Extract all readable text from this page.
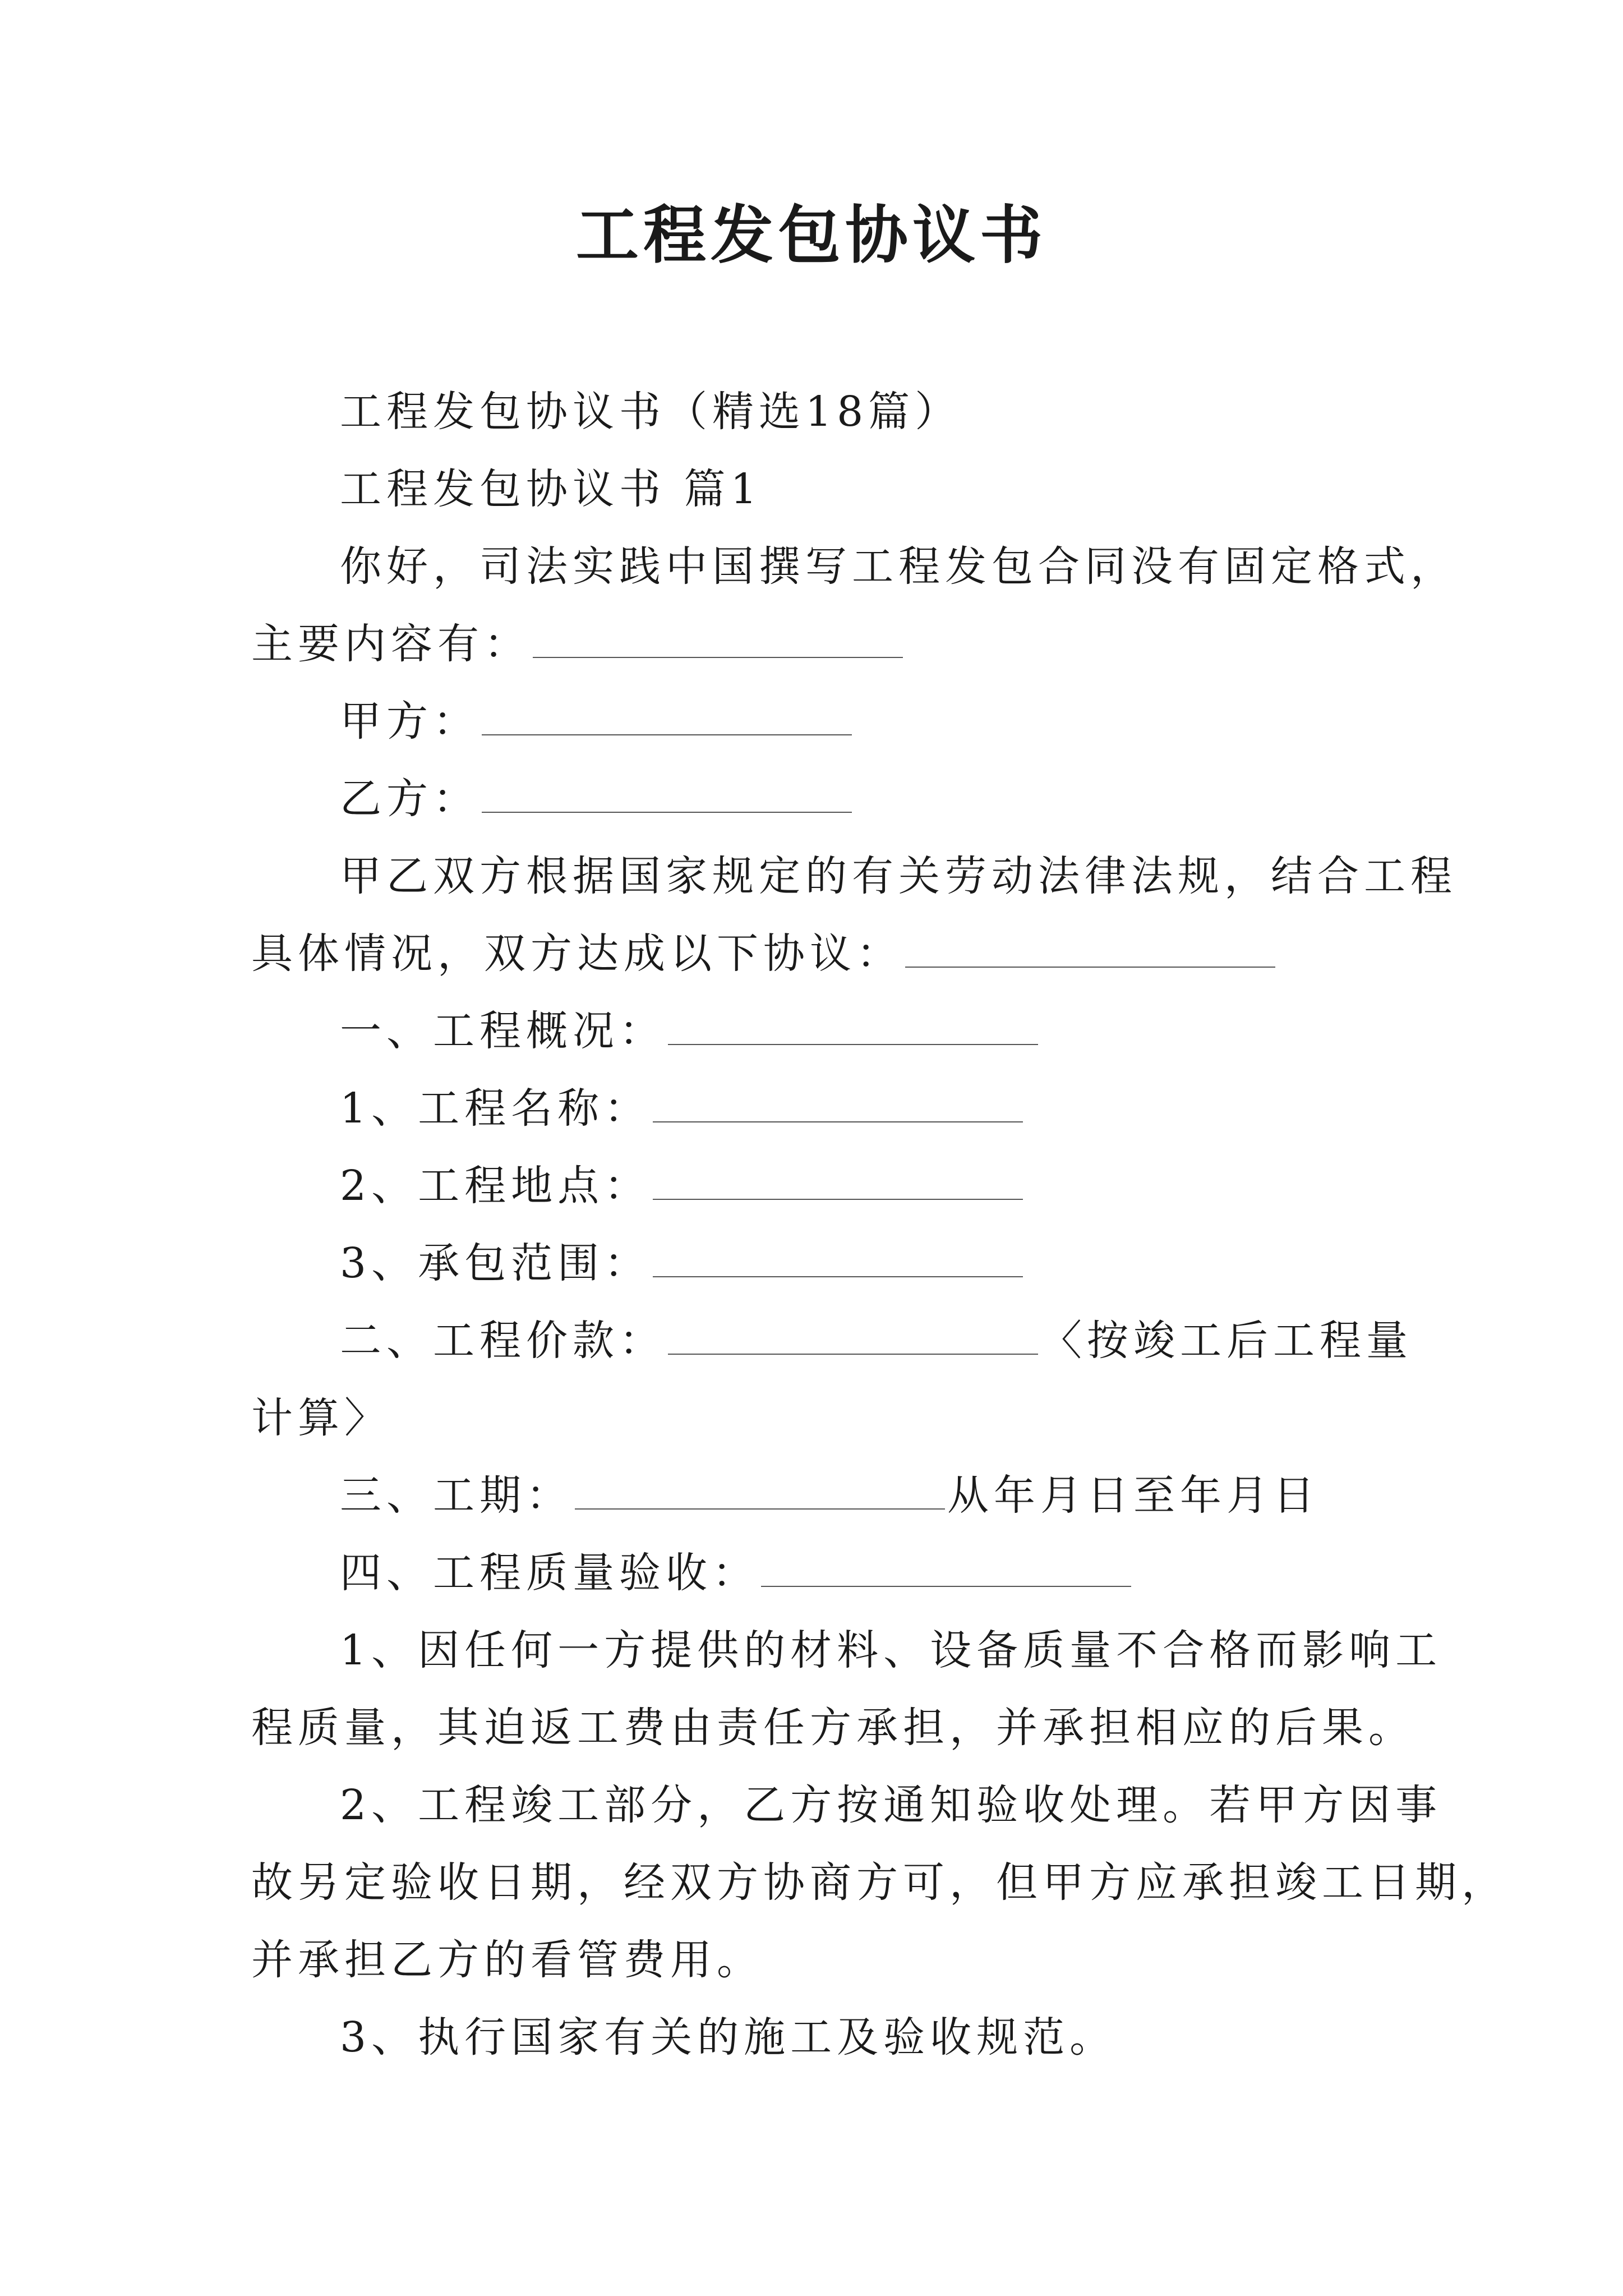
工程发包协议书

工程发包协议书（精选18篇）

工程发包协议书 篇1

你好，司法实践中国撰写工程发包合同没有固定格式，

主要内容有：

甲方：

乙方：

甲乙双方根据国家规定的有关劳动法律法规，结合工程

具体情况，双方达成以下协议：

一、工程概况：

1、工程名称：

2、工程地点：

3、承包范围：

二、工程价款：	〈按竣工后工程量

计算〉

三、工期：	从年月日至年月日

四、工程质量验收：

1、因任何一方提供的材料、设备质量不合格而影响工

程质量，其迫返工费由责任方承担，并承担相应的后果。

2、工程竣工部分，乙方按通知验收处理。若甲方因事

故另定验收日期，经双方协商方可，但甲方应承担竣工日期，

并承担乙方的看管费用。

3、执行国家有关的施工及验收规范。
